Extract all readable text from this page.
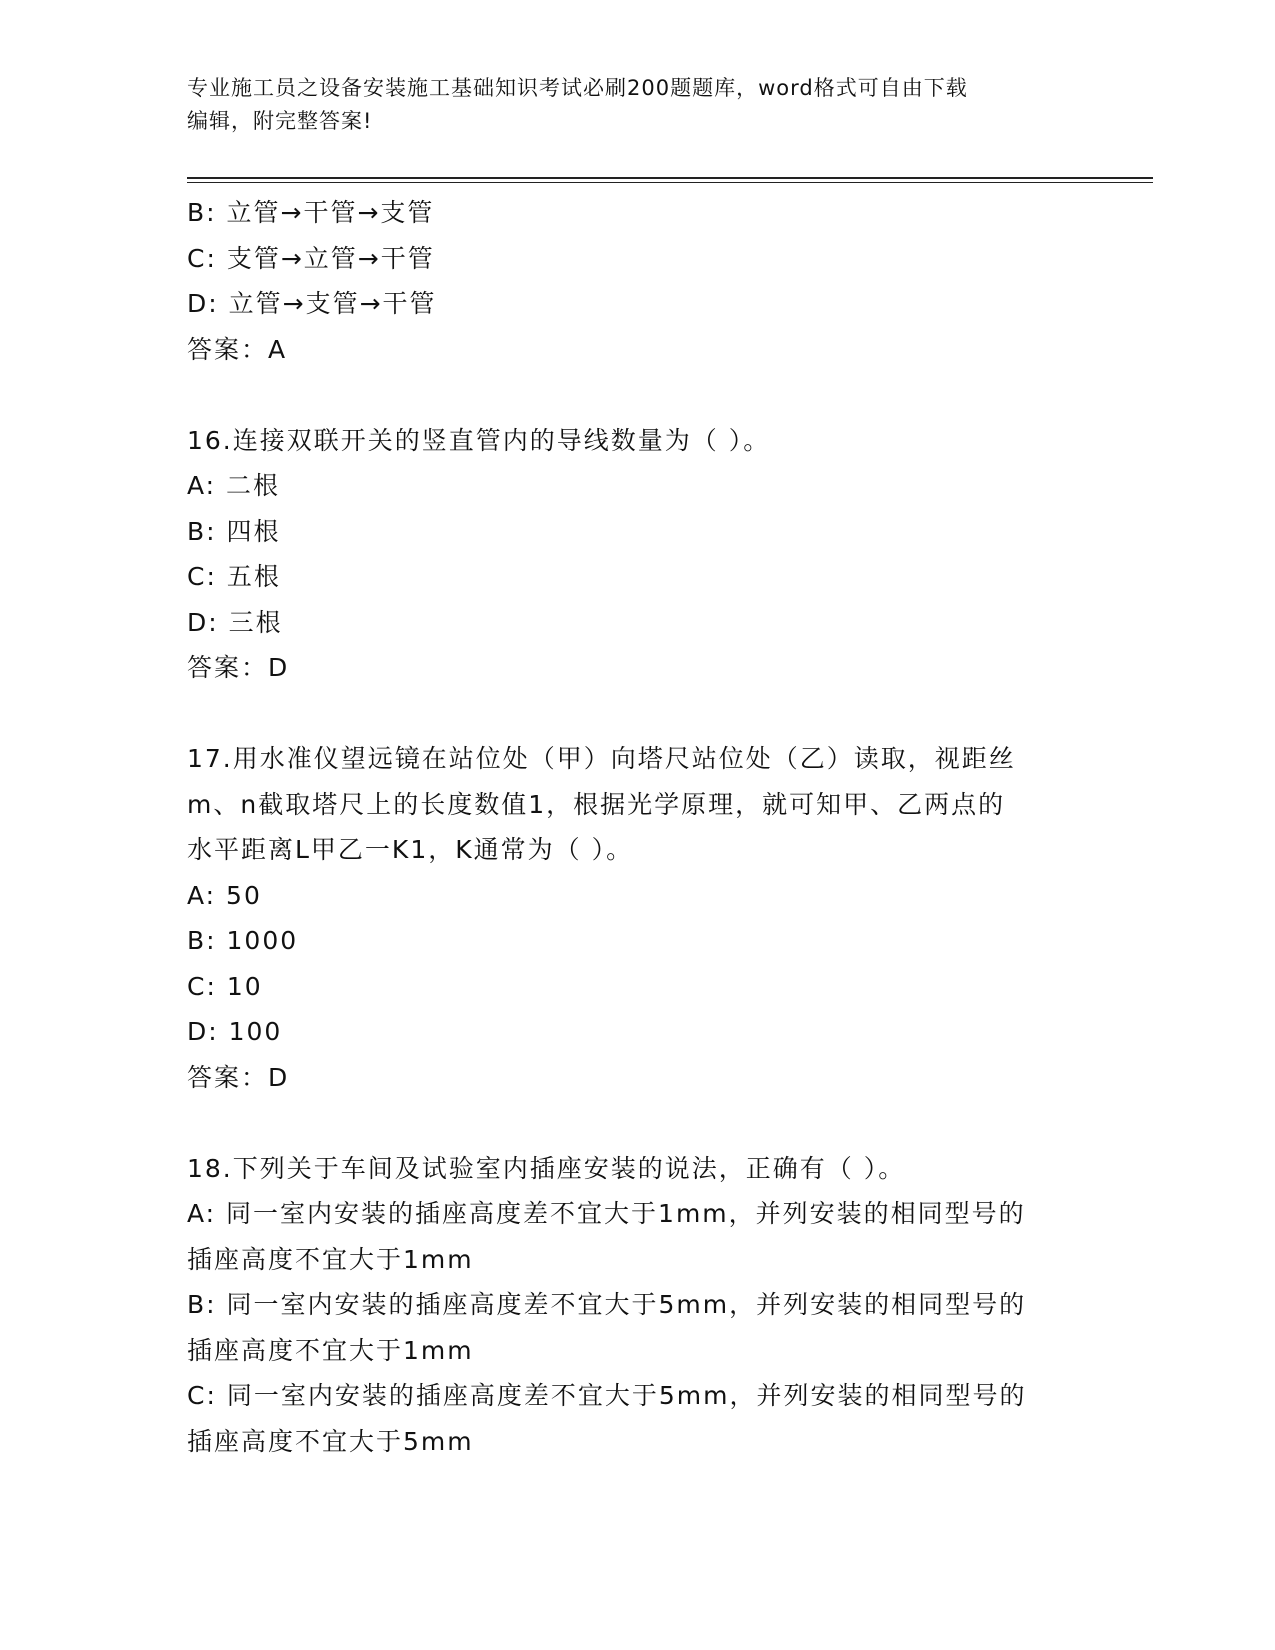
专业施工员之设备安装施工基础知识考试必刷200题题库，word格式可自由下载
编辑，附完整答案!
B: 立管→干管→支管
C: 支管→立管→干管
D: 立管→支管→干管
答案：A
16.连接双联开关的竖直管内的导线数量为（ ）。
A: 二根
B: 四根
C: 五根
D: 三根
答案：D
17.用水准仪望远镜在站位处（甲）向塔尺站位处（乙）读取，视距丝
m、n截取塔尺上的长度数值1，根据光学原理，就可知甲、乙两点的
水平距离L甲乙一K1，K通常为（ ）。
A: 50
B: 1000
C: 10
D: 100
答案：D
18.下列关于车间及试验室内插座安装的说法，正确有（ ）。
A: 同一室内安装的插座高度差不宜大于1mm，并列安装的相同型号的
插座高度不宜大于1mm
B: 同一室内安装的插座高度差不宜大于5mm，并列安装的相同型号的
插座高度不宜大于1mm
C: 同一室内安装的插座高度差不宜大于5mm，并列安装的相同型号的
插座高度不宜大于5mm
